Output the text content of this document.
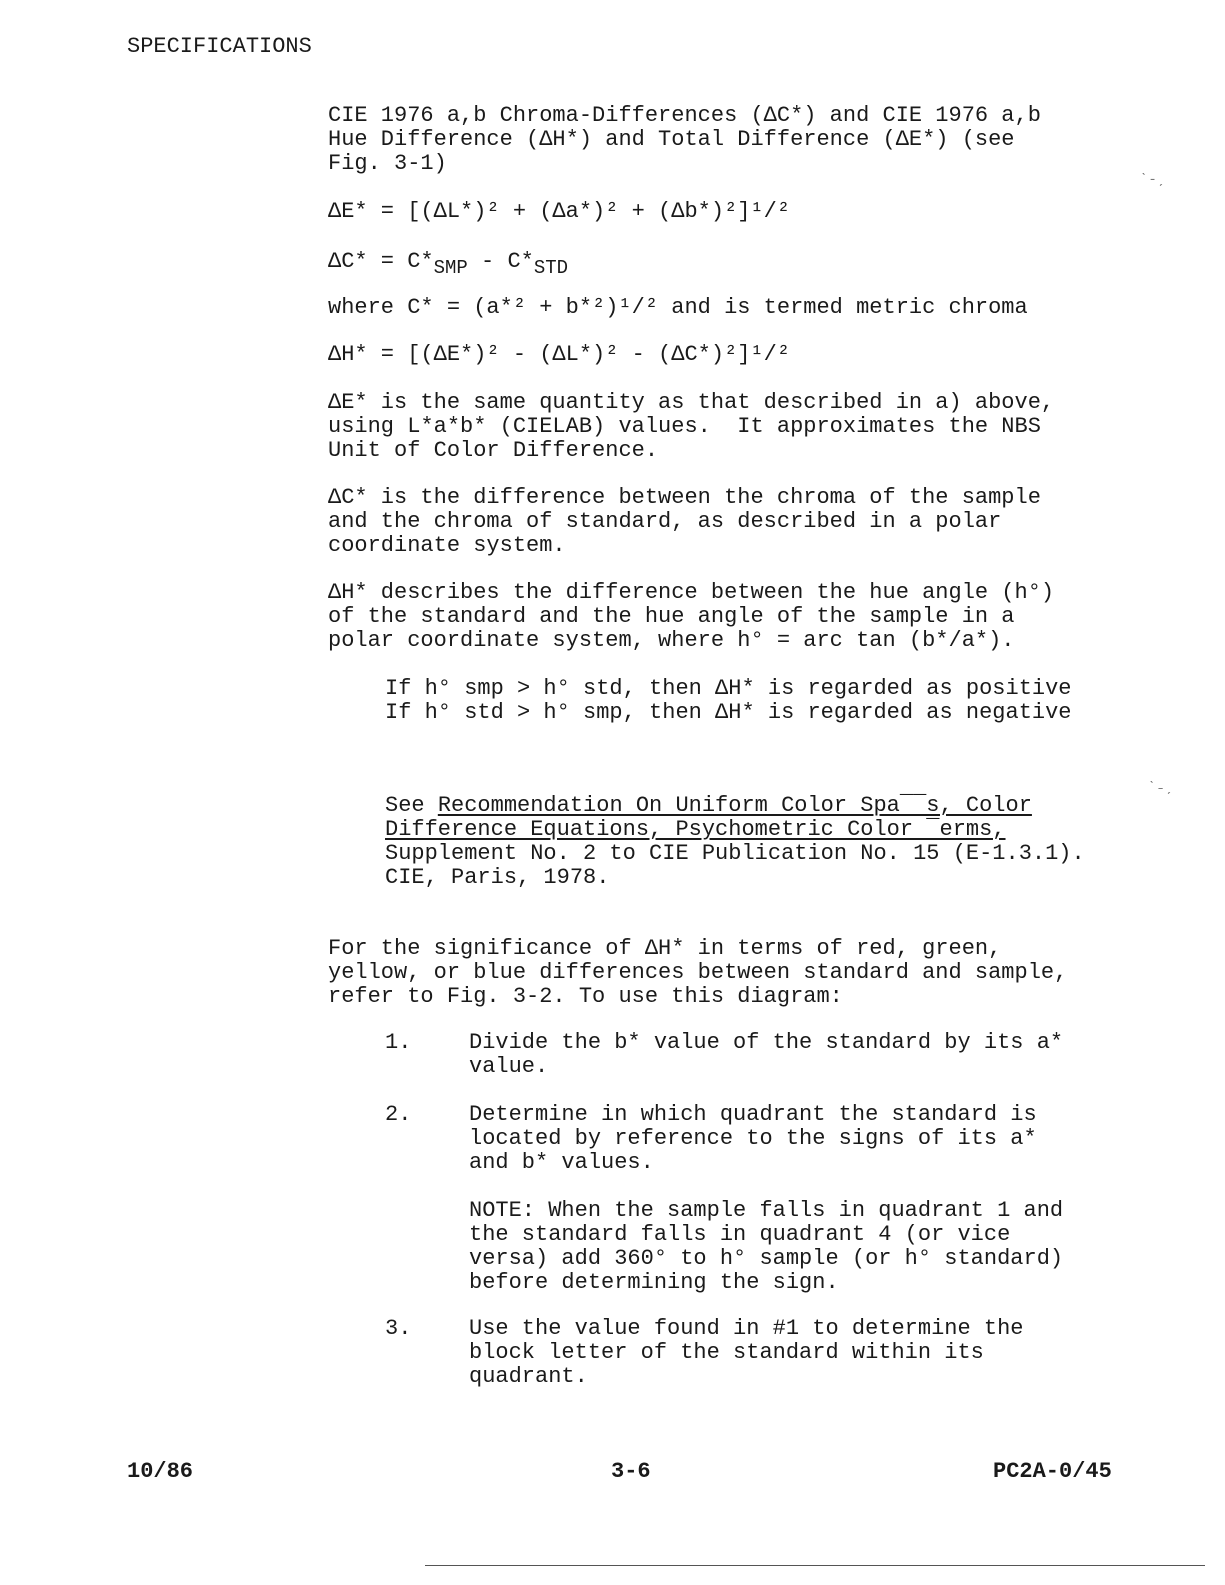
SPECIFICATIONS
CIE 1976 a,b Chroma-Differences (ΔC*) and CIE 1976 a,b
Hue Difference (ΔH*) and Total Difference (ΔE*) (see
Fig. 3-1)
ΔE* = [(ΔL*)² + (Δa*)² + (Δb*)²]¹/²
ΔC* = C*SMP - C*STD
where C* = (a*² + b*²)¹/² and is termed metric chroma
ΔH* = [(ΔE*)² - (ΔL*)² - (ΔC*)²]¹/²
ΔE* is the same quantity as that described in a) above,
using L*a*b* (CIELAB) values.  It approximates the NBS
Unit of Color Difference.
ΔC* is the difference between the chroma of the sample
and the chroma of standard, as described in a polar
coordinate system.
ΔH* describes the difference between the hue angle (h°)
of the standard and the hue angle of the sample in a
polar coordinate system, where h° = arc tan (b*/a*).
If h° smp > h° std, then ΔH* is regarded as positive
If h° std > h° smp, then ΔH* is regarded as negative
See Recommendation On Uniform Color Spa‾‾s, Color
Difference Equations, Psychometric Color ‾erms,
Supplement No. 2 to CIE Publication No. 15 (E-1.3.1).
CIE, Paris, 1978.
For the significance of ΔH* in terms of red, green,
yellow, or blue differences between standard and sample,
refer to Fig. 3-2. To use this diagram:
1.	Divide the b* value of the standard by its a*
value.
2.	Determine in which quadrant the standard is
located by reference to the signs of its a*
and b* values.
NOTE: When the sample falls in quadrant 1 and
the standard falls in quadrant 4 (or vice
versa) add 360° to h° sample (or h° standard)
before determining the sign.
3.	Use the value found in #1 to determine the
block letter of the standard within its
quadrant.
10/86	3-6	PC2A-0/45
ˋ-ˏ
ˋ˗ˏ
